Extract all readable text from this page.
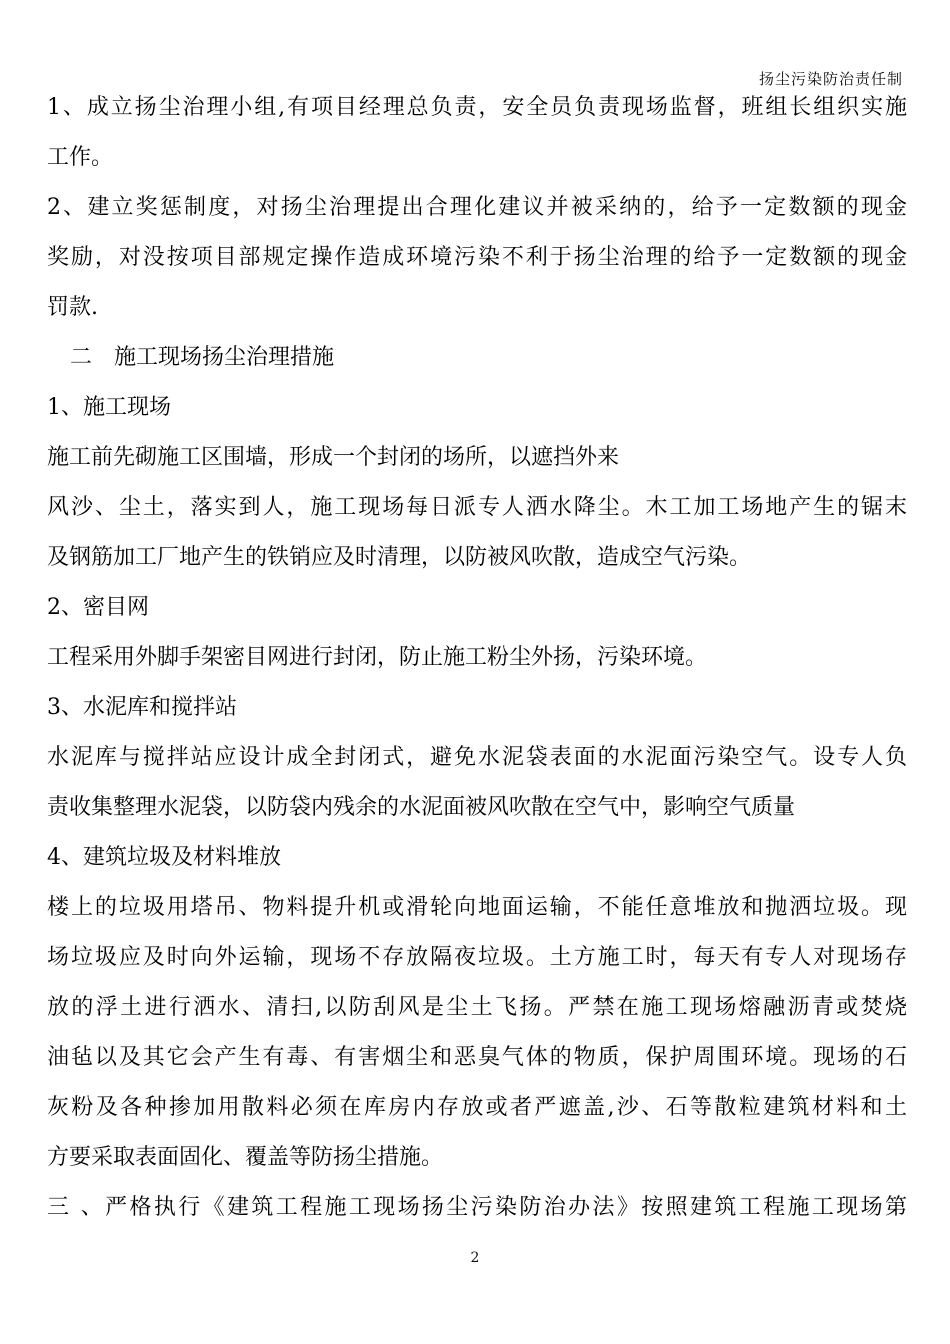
扬尘污染防治责任制
1、成立扬尘治理小组,有项目经理总负责，安全员负责现场监督，班组长组织实施
工作。
2、建立奖惩制度，对扬尘治理提出合理化建议并被采纳的，给予一定数额的现金
奖励，对没按项目部规定操作造成环境污染不利于扬尘治理的给予一定数额的现金
罚款.
二　施工现场扬尘治理措施
1、施工现场
施工前先砌施工区围墙，形成一个封闭的场所，以遮挡外来
风沙、尘土，落实到人，施工现场每日派专人洒水降尘。木工加工场地产生的锯末
及钢筋加工厂地产生的铁销应及时清理，以防被风吹散，造成空气污染。
2、密目网
工程采用外脚手架密目网进行封闭，防止施工粉尘外扬，污染环境。
3、水泥库和搅拌站
水泥库与搅拌站应设计成全封闭式，避免水泥袋表面的水泥面污染空气。设专人负
责收集整理水泥袋，以防袋内残余的水泥面被风吹散在空气中，影响空气质量
4、建筑垃圾及材料堆放
楼上的垃圾用塔吊、物料提升机或滑轮向地面运输，不能任意堆放和抛洒垃圾。现
场垃圾应及时向外运输，现场不存放隔夜垃圾。土方施工时，每天有专人对现场存
放的浮土进行洒水、清扫,以防刮风是尘土飞扬。严禁在施工现场熔融沥青或焚烧
油毡以及其它会产生有毒、有害烟尘和恶臭气体的物质，保护周围环境。现场的石
灰粉及各种掺加用散料必须在库房内存放或者严遮盖,沙、石等散粒建筑材料和土
方要采取表面固化、覆盖等防扬尘措施。
三 、严格执行《建筑工程施工现场扬尘污染防治办法》按照建筑工程施工现场第
2
